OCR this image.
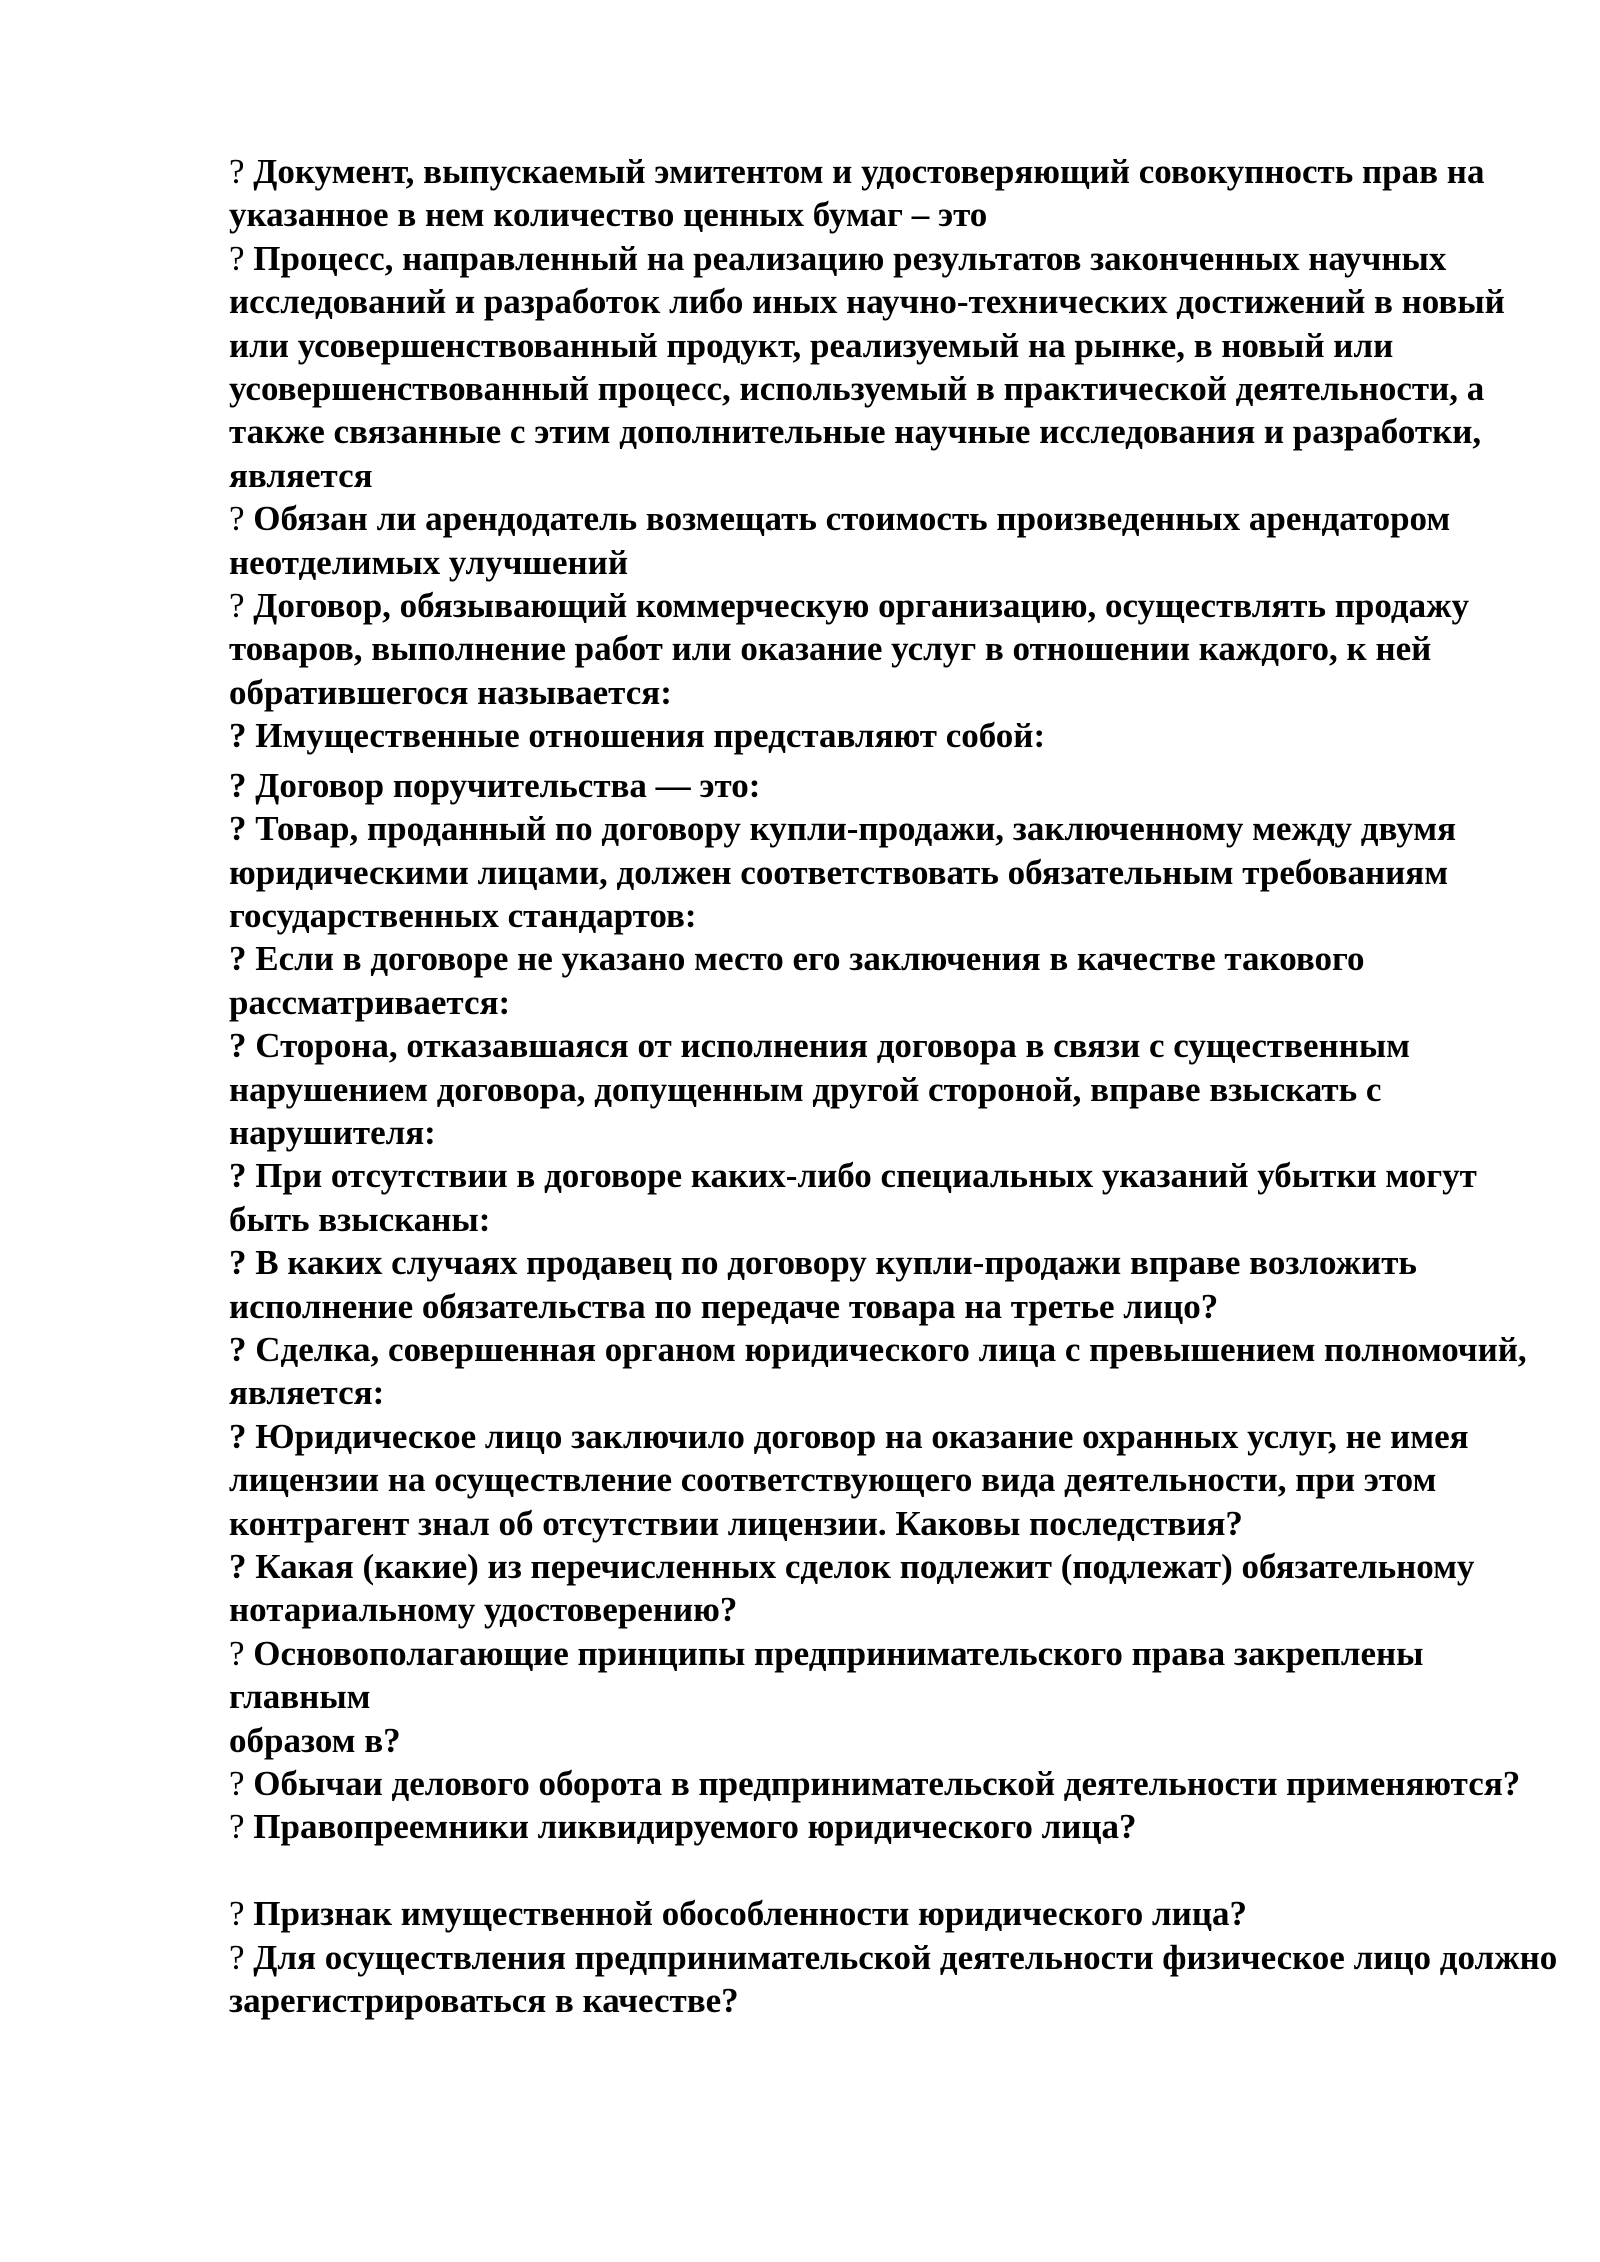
? Документ, выпускаемый эмитентом и удостоверяющий совокупность прав на указанное в нем количество ценных бумаг – это

? Процесс, направленный на реализацию результатов законченных научных исследований и разработок либо иных научно-технических достижений в новый или усовершенствованный продукт, реализуемый на рынке, в новый или усовершенствованный процесс, используемый в практической деятельности, а также связанные с этим дополнительные научные исследования и разработки, является

? Обязан ли арендодатель возмещать стоимость произведенных арендатором неотделимых улучшений

? Договор, обязывающий коммерческую организацию, осуществлять продажу товаров, выполнение работ или оказание услуг в отношении каждого, к ней обратившегося называется:

? Имущественные отношения представляют собой:

? Договор поручительства — это:

? Товар, проданный по договору купли-продажи, заключенному между двумя юридическими лицами, должен соответствовать обязательным требованиям государственных стандартов:

? Если в договоре не указано место его заключения в качестве такового рассматривается:

? Сторона, отказавшаяся от исполнения договора в связи с существенным нарушением договора, допущенным другой стороной, вправе взыскать с нарушителя:

? При отсутствии в договоре каких-либо специальных указаний убытки могут быть взысканы:

? В каких случаях продавец по договору купли-продажи вправе возложить исполнение обязательства по передаче товара на третье лицо?

? Сделка, совершенная органом юридического лица с превышением полномочий, является:

? Юридическое лицо заключило договор на оказание охранных услуг, не имея лицензии на осуществление соответствующего вида деятельности, при этом контрагент знал об отсутствии лицензии. Каковы последствия?

? Какая (какие) из перечисленных сделок подлежит (подлежат) обязательному нотариальному удостоверению?

? Основополагающие принципы предпринимательского права закреплены главным
образом в?

? Обычаи делового оборота в предпринимательской деятельности применяются?

? Правопреемники ликвидируемого юридического лица?

? Признак имущественной обособленности юридического лица?

? Для осуществления предпринимательской деятельности физическое лицо должно зарегистрироваться в качестве?
